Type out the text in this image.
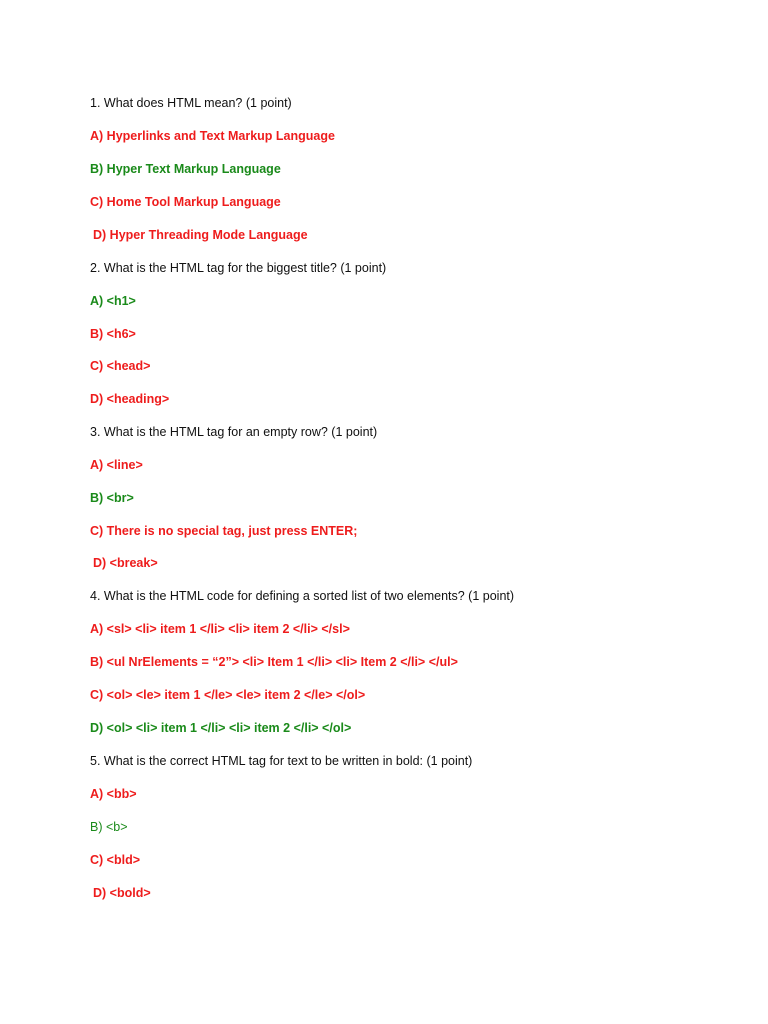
1. What does HTML mean? (1 point)
A) Hyperlinks and Text Markup Language
B) Hyper Text Markup Language
C) Home Tool Markup Language
D) Hyper Threading Mode Language
2. What is the HTML tag for the biggest title? (1 point)
A) <h1>
B) <h6>
C) <head>
D) <heading>
3. What is the HTML tag for an empty row? (1 point)
A) <line>
B) <br>
C) There is no special tag, just press ENTER;
D) <break>
4. What is the HTML code for defining a sorted list of two elements? (1 point)
A) <sl> <li> item 1 </li> <li> item 2 </li> </sl>
B) <ul NrElements = “2”> <li> Item 1 </li> <li> Item 2 </li> </ul>
C) <ol> <le> item 1 </le> <le> item 2 </le> </ol>
D) <ol> <li> item 1 </li> <li> item 2 </li> </ol>
5. What is the correct HTML tag for text to be written in bold: (1 point)
A) <bb>
B) <b>
C) <bld>
D) <bold>
